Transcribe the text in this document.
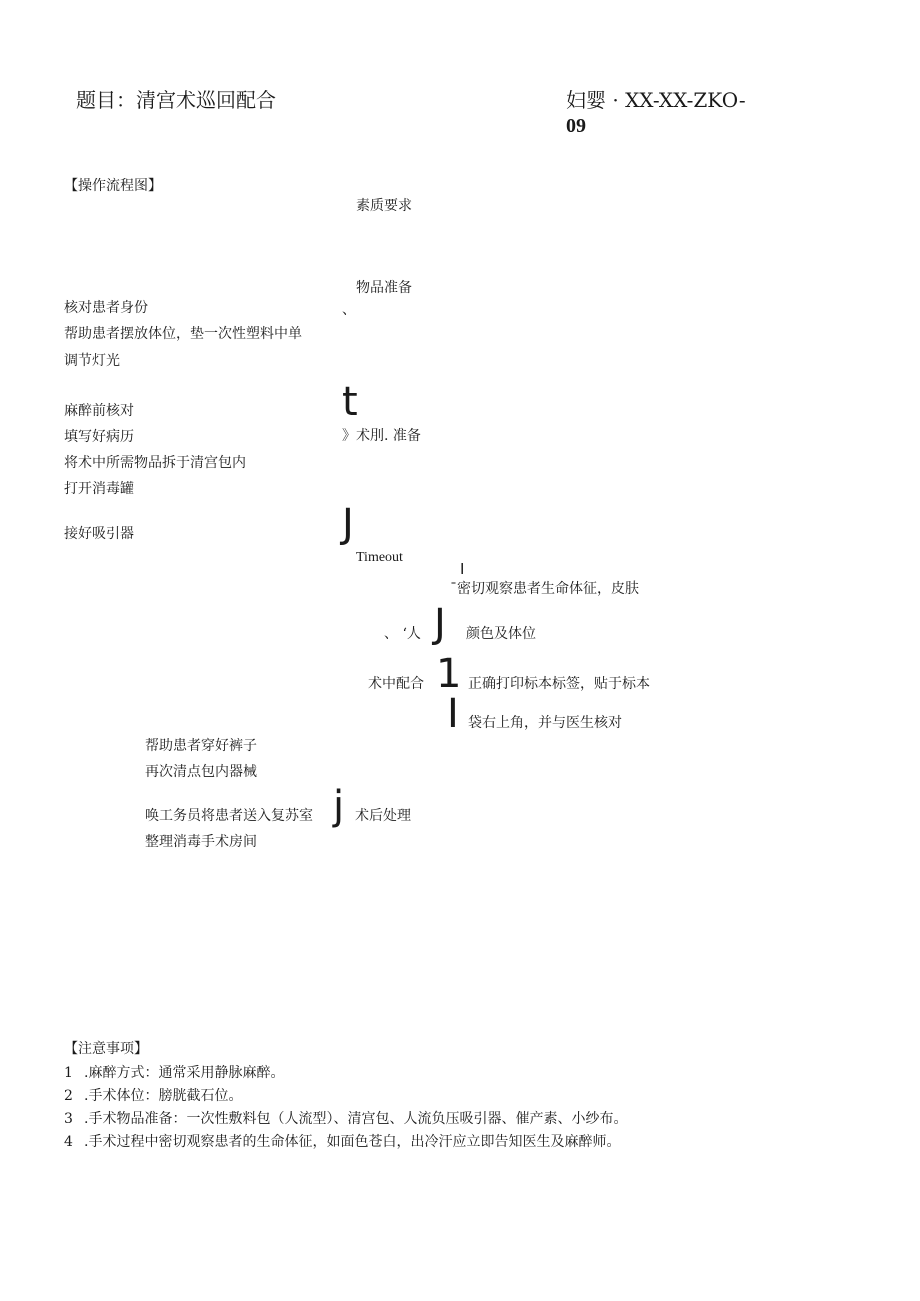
题目：清宫术巡回配合	妇婴 · XX-XX-ZKO-
09
【操作流程图】
素质要求
物品准备
、
核对患者身份
帮助患者摆放体位，垫一次性塑料中单
调节灯光
t
麻醉前核对
填写好病历	》术刖. 准备
将术中所需物品拆于清宫包内
打开消毒罐
J
接好吸引器
Timeout
I
ˉ密切观察患者生命体征，皮肤
、 ‘人 J 颜色及体位
术中配合 1 正确打印标本标签，贴于标本
I 袋右上角，并与医生核对
帮助患者穿好裤子
再次清点包内器械
唤工务员将患者送入复苏室 j 术后处理
整理消毒手术房间
【注意事项】
1 .麻醉方式：通常采用静脉麻醉。
2 .手术体位：膀胱截石位。
3 .手术物品准备：一次性敷料包（人流型）、清宫包、人流负压吸引器、催产素、小纱布。
4 .手术过程中密切观察患者的生命体征，如面色苍白，出冷汗应立即告知医生及麻醉师。
